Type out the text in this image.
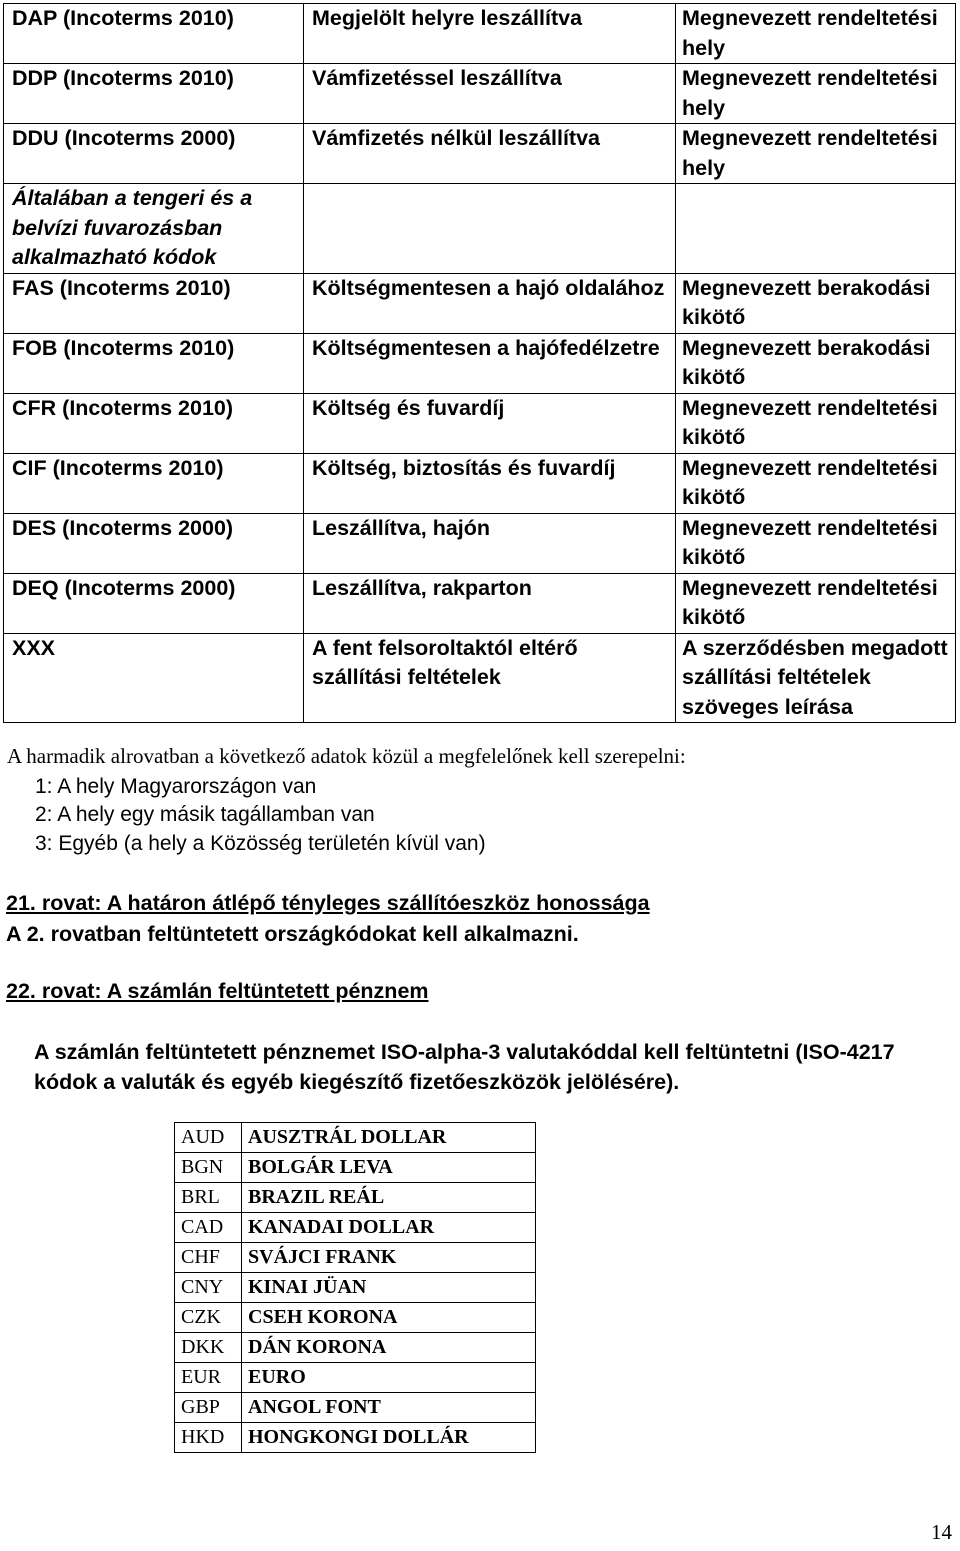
DAP (Incoterms 2010)	Megjelölt helyre leszállítva	Megnevezett rendeltetési hely
DDP (Incoterms 2010)	Vámfizetéssel leszállítva	Megnevezett rendeltetési hely
DDU (Incoterms 2000)	Vámfizetés nélkül leszállítva	Megnevezett rendeltetési hely
Általában a tengeri és a belvízi fuvarozásban alkalmazható kódok		
FAS (Incoterms 2010)	Költségmentesen a hajó oldalához	Megnevezett berakodási kikötő
FOB (Incoterms 2010)	Költségmentesen a hajófedélzetre	Megnevezett berakodási kikötő
CFR (Incoterms 2010)	Költség és fuvardíj	Megnevezett rendeltetési kikötő
CIF (Incoterms 2010)	Költség, biztosítás és fuvardíj	Megnevezett rendeltetési kikötő
DES (Incoterms 2000)	Leszállítva, hajón	Megnevezett rendeltetési kikötő
DEQ (Incoterms 2000)	Leszállítva, rakparton	Megnevezett rendeltetési kikötő
XXX	A fent felsoroltaktól eltérő szállítási feltételek	A szerződésben megadott szállítási feltételek szöveges leírása
A harmadik alrovatban a következő adatok közül a megfelelőnek kell szerepelni:
1: A hely Magyarországon van
2: A hely egy másik tagállamban van
3: Egyéb (a hely a Közösség területén kívül van)
21. rovat: A határon átlépő tényleges szállítóeszköz honossága
A 2. rovatban feltüntetett országkódokat kell alkalmazni.
22. rovat: A számlán feltüntetett pénznem
A számlán feltüntetett pénznemet ISO-alpha-3 valutakóddal kell feltüntetni (ISO-4217 kódok a valuták és egyéb kiegészítő fizetőeszközök jelölésére).
AUD	AUSZTRÁL DOLLAR
BGN	BOLGÁR LEVA
BRL	BRAZIL REÁL
CAD	KANADAI DOLLAR
CHF	SVÁJCI FRANK
CNY	KINAI JÜAN
CZK	CSEH KORONA
DKK	DÁN KORONA
EUR	EURO
GBP	ANGOL FONT
HKD	HONGKONGI DOLLÁR
14
